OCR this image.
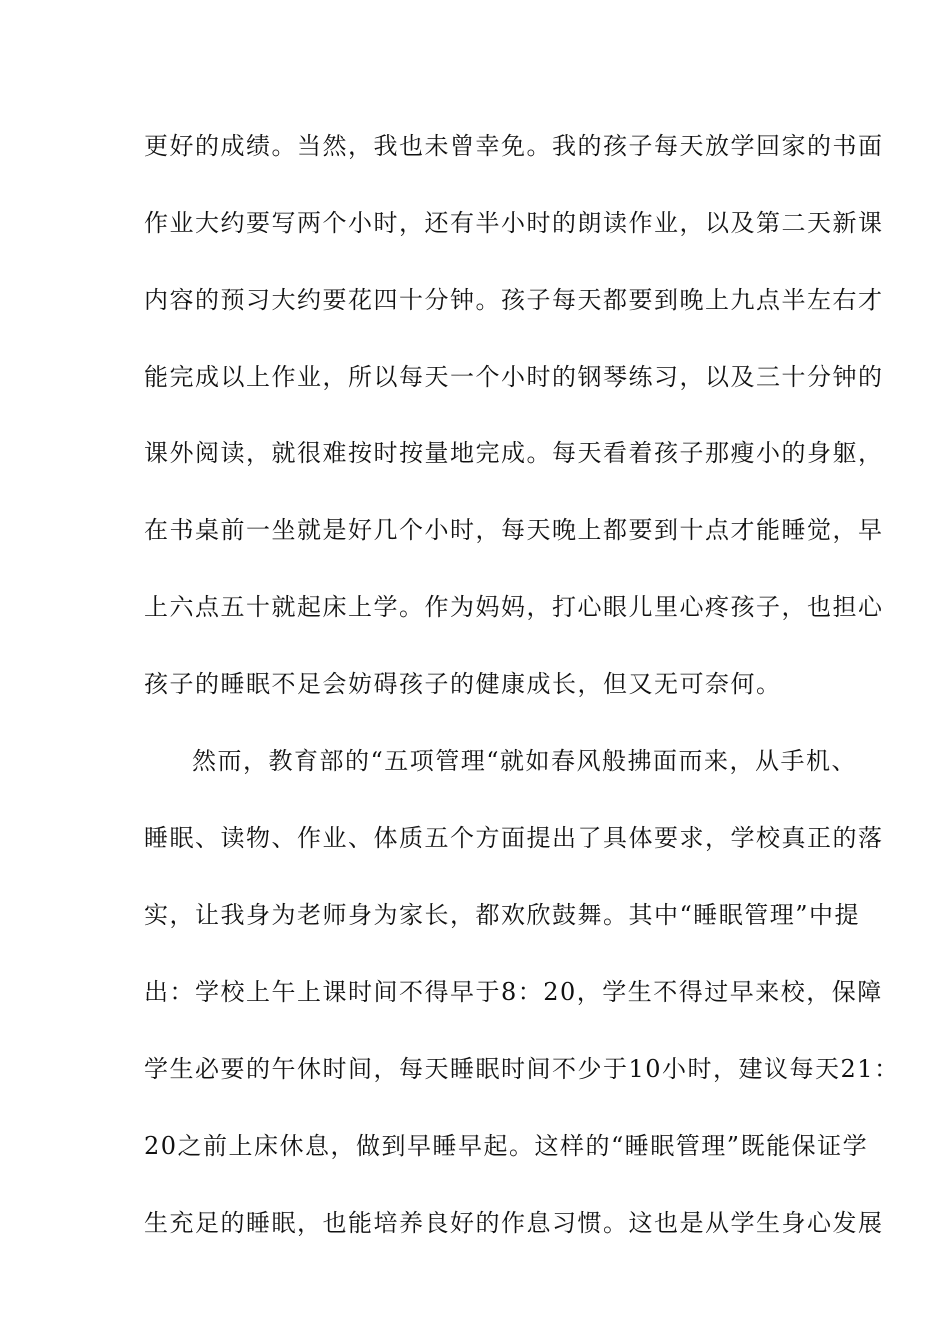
更好的成绩。当然，我也未曾幸免。我的孩子每天放学回家的书面
作业大约要写两个小时，还有半小时的朗读作业，以及第二天新课
内容的预习大约要花四十分钟。孩子每天都要到晚上九点半左右才
能完成以上作业，所以每天一个小时的钢琴练习，以及三十分钟的
课外阅读，就很难按时按量地完成。每天看着孩子那瘦小的身躯，
在书桌前一坐就是好几个小时，每天晚上都要到十点才能睡觉，早
上六点五十就起床上学。作为妈妈，打心眼儿里心疼孩子，也担心
孩子的睡眠不足会妨碍孩子的健康成长，但又无可奈何。
然而，教育部的“五项管理“就如春风般拂面而来，从手机、
睡眠、读物、作业、体质五个方面提出了具体要求，学校真正的落
实，让我身为老师身为家长，都欢欣鼓舞。其中“睡眠管理”中提
出：学校上午上课时间不得早于8：20，学生不得过早来校，保障
学生必要的午休时间，每天睡眠时间不少于10小时，建议每天21：
20之前上床休息，做到早睡早起。这样的“睡眠管理”既能保证学
生充足的睡眠，也能培养良好的作息习惯。这也是从学生身心发展
